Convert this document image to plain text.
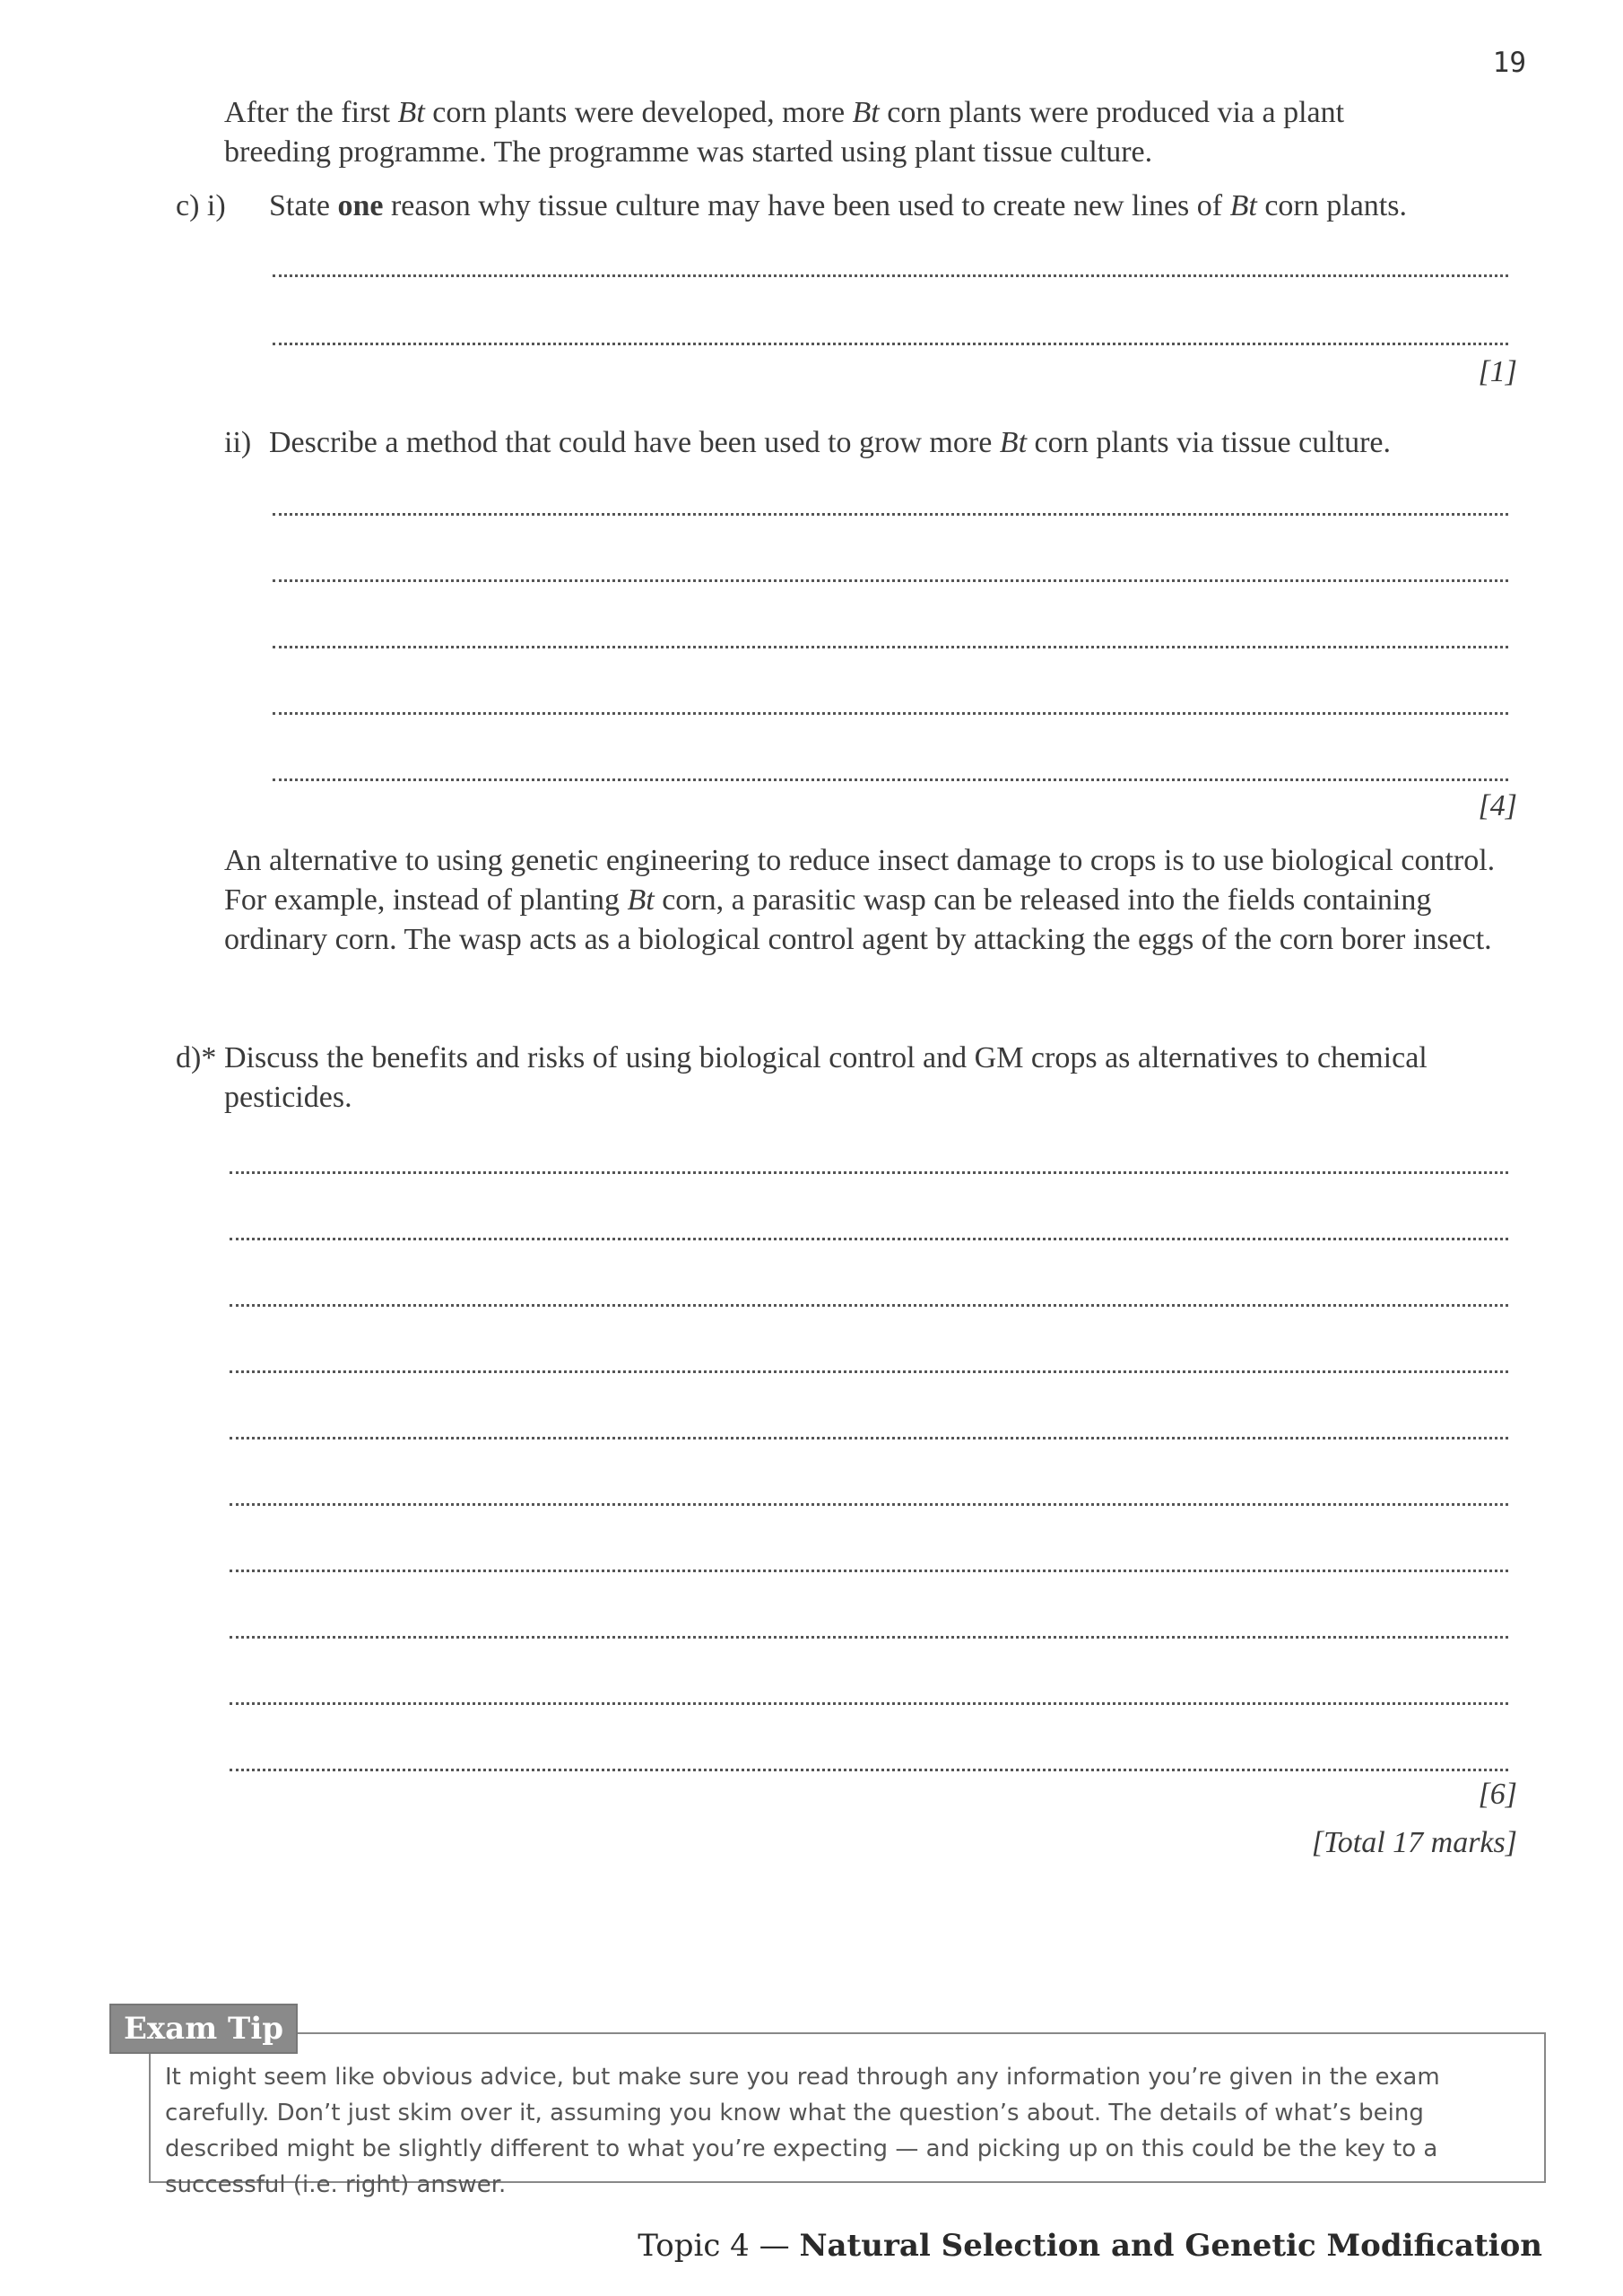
19
After the first Bt corn plants were developed, more Bt corn plants were produced via a plant breeding programme. The programme was started using plant tissue culture.
c) i) State one reason why tissue culture may have been used to create new lines of Bt corn plants.
[1]
ii) Describe a method that could have been used to grow more Bt corn plants via tissue culture.
[4]
An alternative to using genetic engineering to reduce insect damage to crops is to use biological control. For example, instead of planting Bt corn, a parasitic wasp can be released into the fields containing ordinary corn. The wasp acts as a biological control agent by attacking the eggs of the corn borer insect.
d)* Discuss the benefits and risks of using biological control and GM crops as alternatives to chemical pesticides.
[6]
[Total 17 marks]
Exam Tip
It might seem like obvious advice, but make sure you read through any information you’re given in the exam carefully. Don’t just skim over it, assuming you know what the question’s about. The details of what’s being described might be slightly different to what you’re expecting — and picking up on this could be the key to a successful (i.e. right) answer.
Topic 4 — Natural Selection and Genetic Modification
